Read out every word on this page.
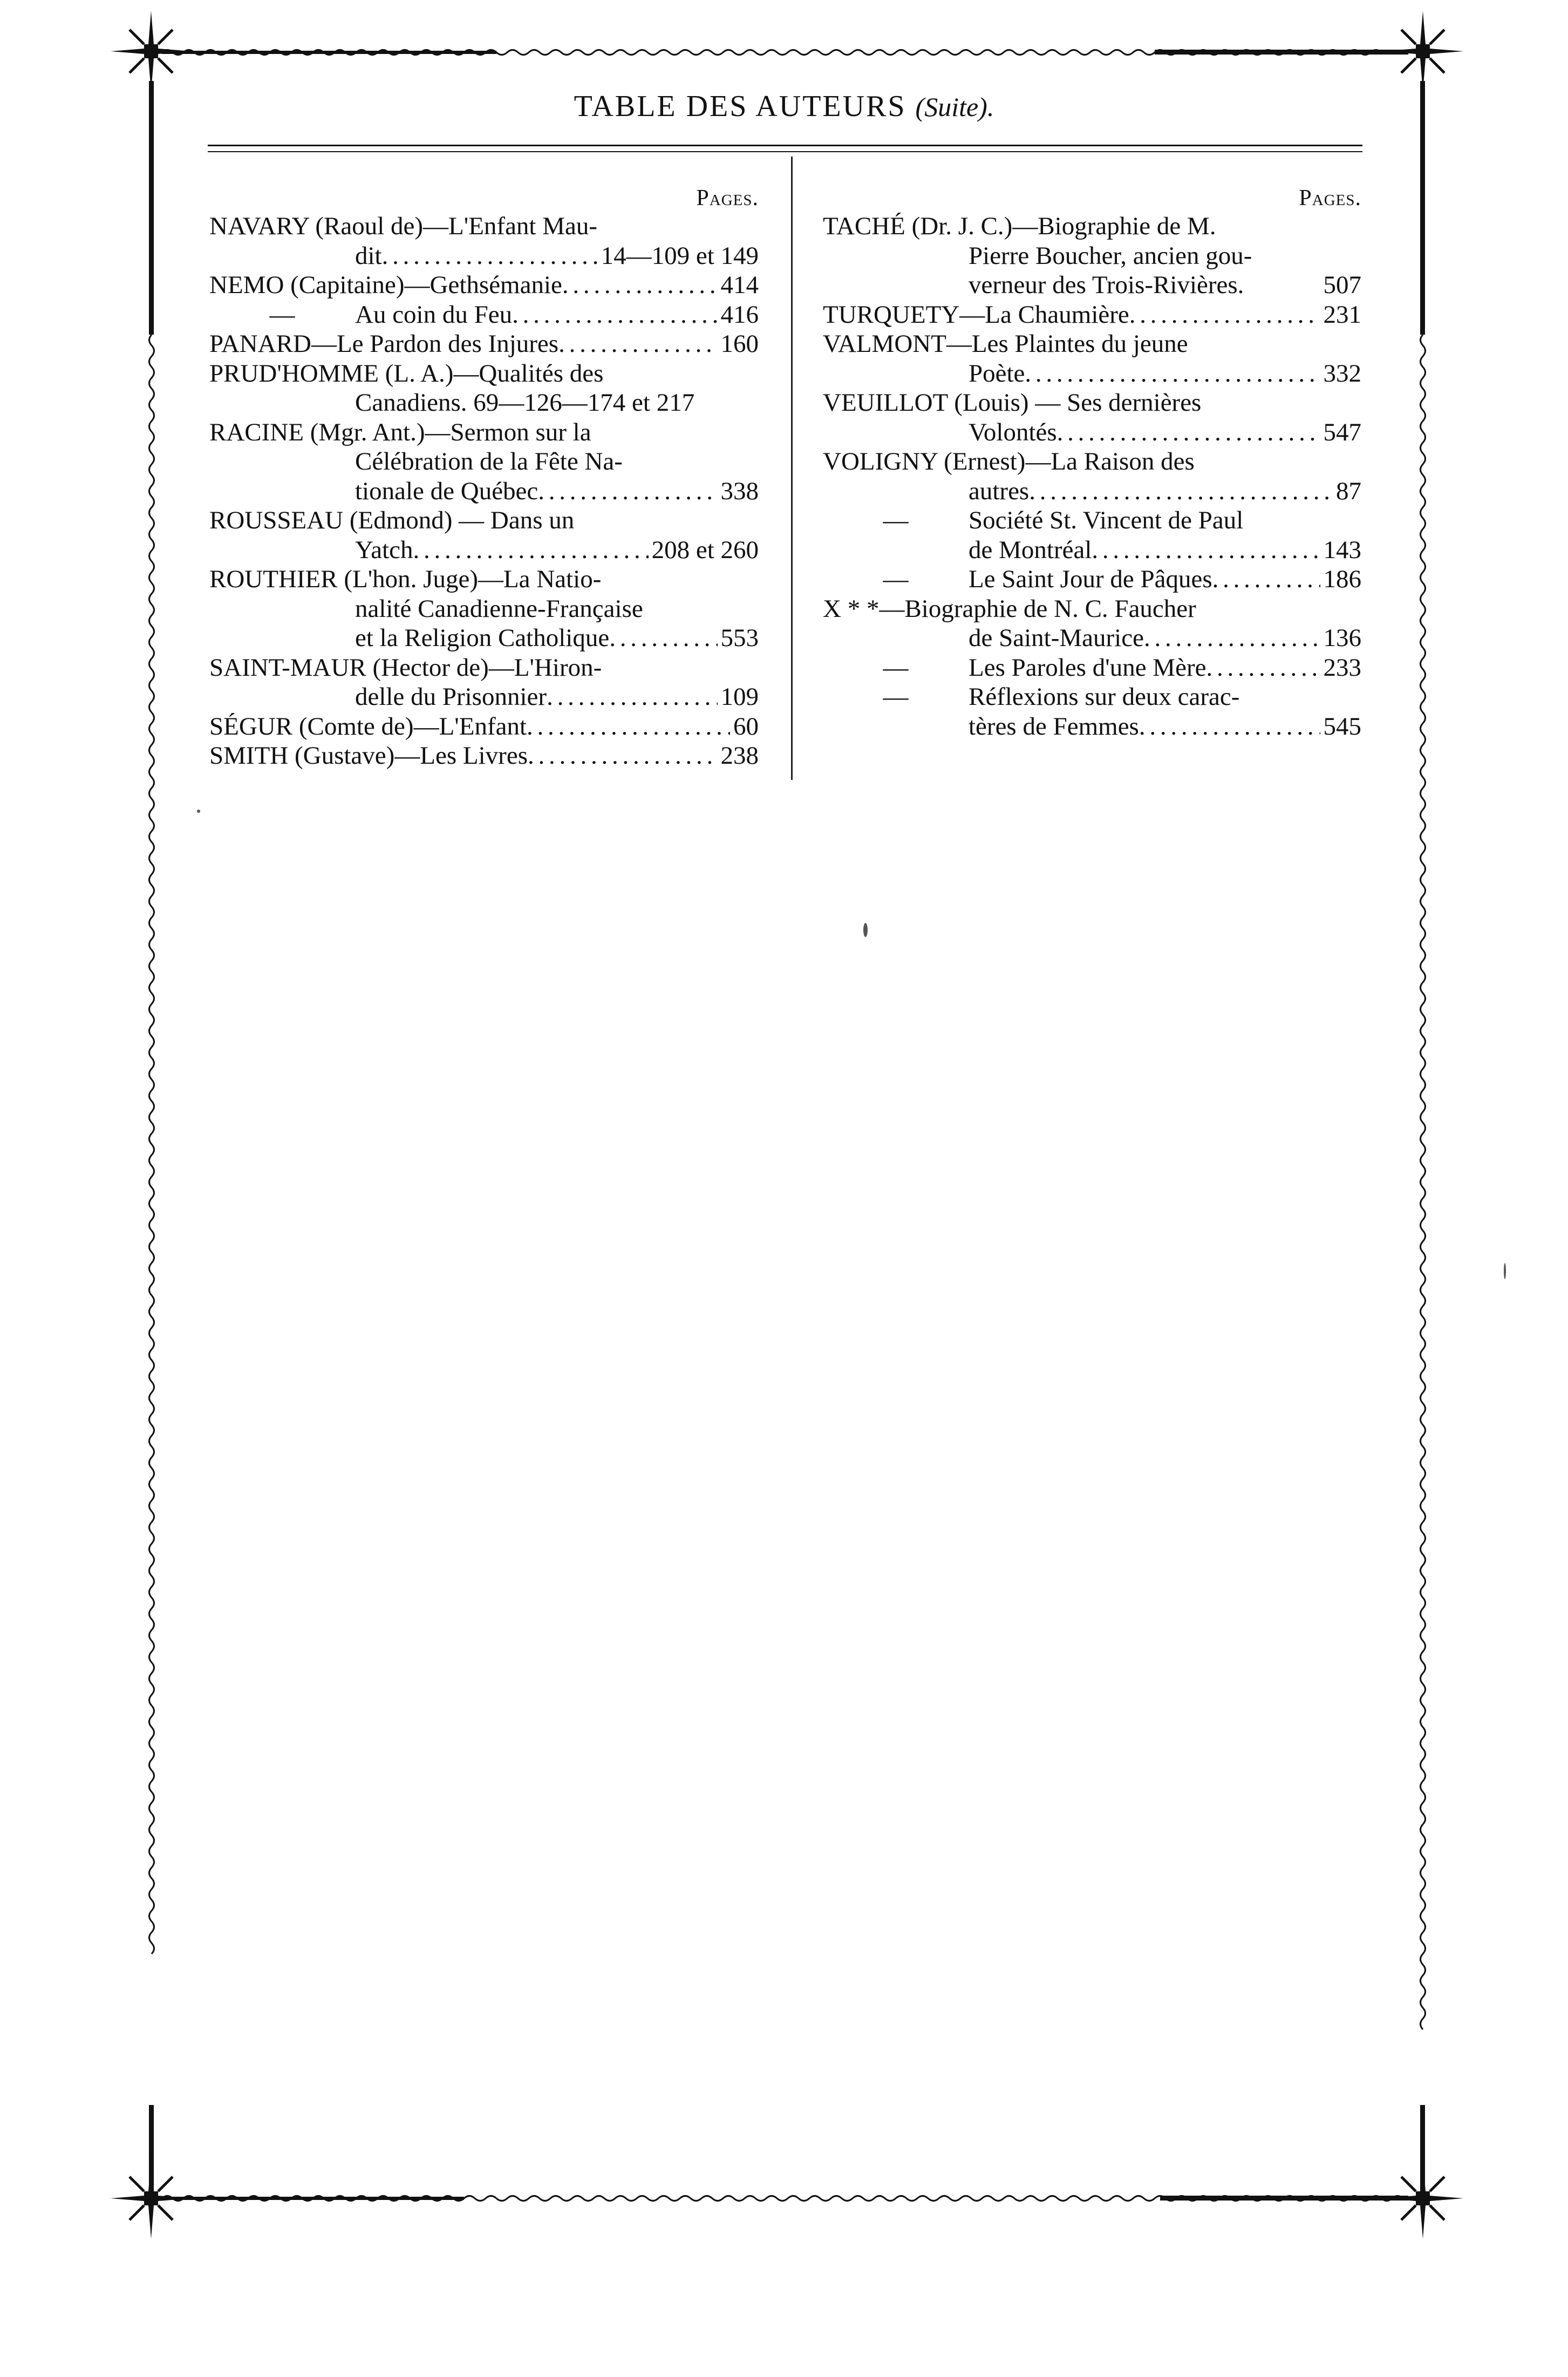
TABLE DES AUTEURS (Suite).
Pages.
NAVARY (Raoul de)—L'Enfant Mau-
dit . . .	14—109 et 149
NEMO (Capitaine)—Gethsémanie . . .	414
—	Au coin du Feu . . .	416
PANARD—Le Pardon des Injures . . .	160
PRUD'HOMME (L. A.)—Qualités des
Canadiens. 69—126—174 et 217
RACINE (Mgr. Ant.)—Sermon sur la
Célébration de la Fête Na-
tionale de Québec . . .	338
ROUSSEAU (Edmond) — Dans un
Yatch . . .	208 et 260
ROUTHIER (L'hon. Juge)—La Natio-
nalité Canadienne-Française
et la Religion Catholique . . .	553
SAINT-MAUR (Hector de)—L'Hiron-
delle du Prisonnier . . .	109
SÉGUR (Comte de)—L'Enfant . . .	60
SMITH (Gustave)—Les Livres . . .	238
Pages.
TACHÉ (Dr. J. C.)—Biographie de M.
Pierre Boucher, ancien gou-
verneur des Trois-Rivières.	507
TURQUETY—La Chaumière . . .	231
VALMONT—Les Plaintes du jeune
Poète . . .	332
VEUILLOT (Louis) — Ses dernières
Volontés . . .	547
VOLIGNY (Ernest)—La Raison des
autres . . .	87
—	Société St. Vincent de Paul
de Montréal . . .	143
—	Le Saint Jour de Pâques . . .	186
X * *—Biographie de N. C. Faucher
de Saint-Maurice . . .	136
—	Les Paroles d'une Mère . . .	233
—	Réflexions sur deux carac-
tères de Femmes . . .	545
